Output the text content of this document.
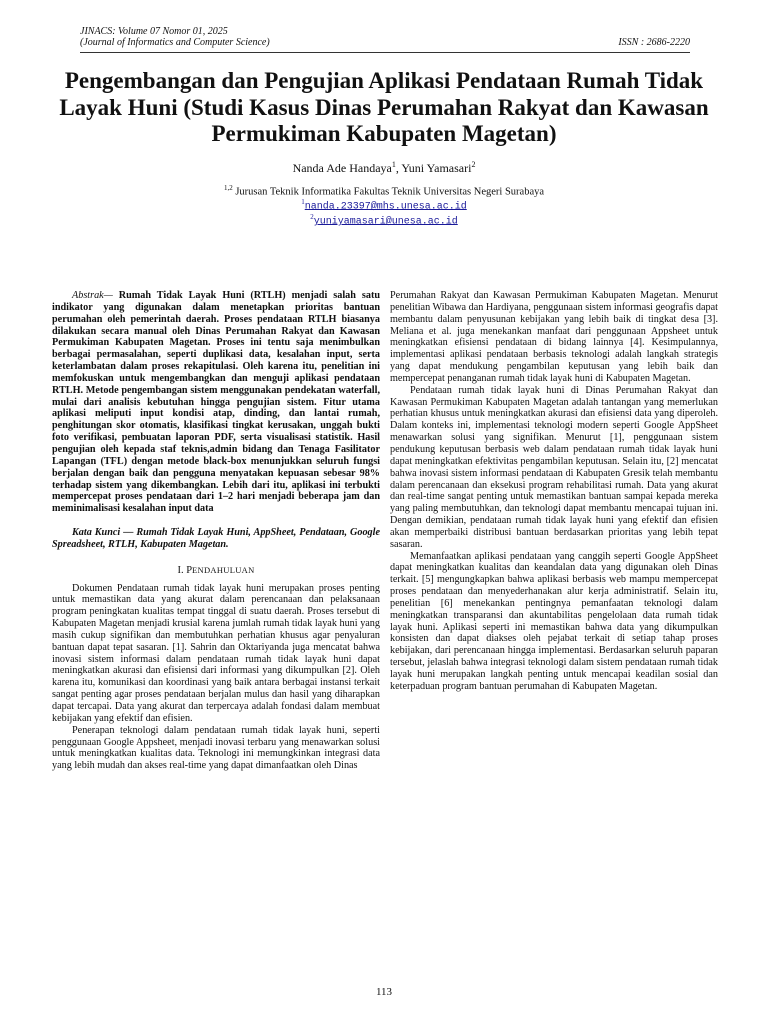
JINACS: Volume 07 Nomor 01, 2025
(Journal of Informatics and Computer Science)	ISSN : 2686-2220
Pengembangan dan Pengujian Aplikasi Pendataan Rumah Tidak Layak Huni (Studi Kasus Dinas Perumahan Rakyat dan Kawasan Permukiman Kabupaten Magetan)
Nanda Ade Handaya$^1$, Yuni Yamasari$^2$
$^{1,2}$ Jurusan Teknik Informatika Fakultas Teknik Universitas Negeri Surabaya
$^1$nanda.23397@mhs.unesa.ac.id
$^2$yuniyamasari@unesa.ac.id

Abstrak— Rumah Tidak Layak Huni (RTLH) menjadi salah satu indikator yang digunakan dalam menetapkan prioritas bantuan perumahan oleh pemerintah daerah. Proses pendataan RTLH biasanya dilakukan secara manual oleh Dinas Perumahan Rakyat dan Kawasan Permukiman Kabupaten Magetan. Proses ini tentu saja menimbulkan berbagai permasalahan, seperti duplikasi data, kesalahan input, serta keterlambatan dalam proses rekapitulasi. Oleh karena itu, penelitian ini memfokuskan untuk mengembangkan dan menguji aplikasi pendataan RTLH. Metode pengembangan sistem menggunakan pendekatan waterfall, mulai dari analisis kebutuhan hingga pengujian sistem. Fitur utama aplikasi meliputi input kondisi atap, dinding, dan lantai rumah, penghitungan skor otomatis, klasifikasi tingkat kerusakan, unggah bukti foto verifikasi, pembuatan laporan PDF, serta visualisasi statistik. Hasil pengujian oleh kepada staf teknis,admin bidang dan Tenaga Fasilitator Lapangan (TFL) dengan metode black-box menunjukkan seluruh fungsi berjalan dengan baik dan pengguna menyatakan kepuasan sebesar 98% terhadap sistem yang dikembangkan. Lebih dari itu, aplikasi ini terbukti mempercepat proses pendataan dari 1–2 hari menjadi beberapa jam dan meminimalisasi kesalahan input data

Kata Kunci — Rumah Tidak Layak Huni, AppSheet, Pendataan, Google Spreadsheet, RTLH, Kabupaten Magetan.

I. PENDAHULUAN

Dokumen Pendataan rumah tidak layak huni merupakan proses penting untuk memastikan data yang akurat dalam perencanaan dan pelaksanaan program peningkatan kualitas tempat tinggal di suatu daerah. Proses tersebut di Kabupaten Magetan menjadi krusial karena jumlah rumah tidak layak huni yang masih cukup signifikan dan membutuhkan perhatian khusus agar penyaluran bantuan dapat tepat sasaran. [1]. Sahrin dan Oktariyanda juga mencatat bahwa inovasi sistem informasi dalam pendataan rumah tidak layak huni dapat meningkatkan akurasi dan efisiensi dari informasi yang dikumpulkan [2]. Oleh karena itu, komunikasi dan koordinasi yang baik antara berbagai instansi terkait sangat penting agar proses pendataan berjalan mulus dan hasil yang diharapkan dapat tercapai. Data yang akurat dan terpercaya adalah fondasi dalam membuat kebijakan yang efektif dan efisien.

Penerapan teknologi dalam pendataan rumah tidak layak huni, seperti penggunaan Google Appsheet, menjadi inovasi terbaru yang menawarkan solusi untuk meningkatkan kualitas data. Teknologi ini memungkinkan integrasi data yang lebih mudah dan akses real-time yang dapat dimanfaatkan oleh Dinas

Perumahan Rakyat dan Kawasan Permukiman Kabupaten Magetan. Menurut penelitian Wibawa dan Hardiyana, penggunaan sistem informasi geografis dapat membantu dalam penyusunan kebijakan yang lebih baik di tingkat desa [3]. Meliana et al. juga menekankan manfaat dari penggunaan Appsheet untuk meningkatkan efisiensi pendataan di bidang lainnya [4]. Kesimpulannya, implementasi aplikasi pendataan berbasis teknologi adalah langkah strategis yang dapat mendukung pengambilan keputusan yang lebih baik dan mempercepat penanganan rumah tidak layak huni di Kabupaten Magetan.

Pendataan rumah tidak layak huni di Dinas Perumahan Rakyat dan Kawasan Permukiman Kabupaten Magetan adalah tantangan yang memerlukan perhatian khusus untuk meningkatkan akurasi dan efisiensi data yang diperoleh. Dalam konteks ini, implementasi teknologi modern seperti Google AppSheet menawarkan solusi yang signifikan. Menurut [1], penggunaan sistem pendukung keputusan berbasis web dalam pendataan rumah tidak layak huni dapat meningkatkan efektivitas pengambilan keputusan. Selain itu, [2] mencatat bahwa inovasi sistem informasi pendataan di Kabupaten Gresik telah membantu dalam perencanaan dan eksekusi program rehabilitasi rumah. Data yang akurat dan real-time sangat penting untuk memastikan bantuan sampai kepada mereka yang paling membutuhkan, dan teknologi dapat membantu mencapai tujuan ini. Dengan demikian, pendataan rumah tidak layak huni yang efektif dan efisien akan memperbaiki distribusi bantuan berdasarkan prioritas yang lebih tepat sasaran.

Memanfaatkan aplikasi pendataan yang canggih seperti Google AppSheet dapat meningkatkan kualitas dan keandalan data yang digunakan oleh Dinas terkait. [5] mengungkapkan bahwa aplikasi berbasis web mampu mempercepat proses pendataan dan menyederhanakan alur kerja administratif. Selain itu, penelitian [6] menekankan pentingnya pemanfaatan teknologi dalam meningkatkan transparansi dan akuntabilitas pengelolaan data rumah tidak layak huni. Aplikasi seperti ini memastikan bahwa data yang dikumpulkan konsisten dan dapat diakses oleh pejabat terkait di setiap tahap proses kebijakan, dari perencanaan hingga implementasi. Berdasarkan seluruh paparan tersebut, jelaslah bahwa integrasi teknologi dalam sistem pendataan rumah tidak layak huni merupakan langkah penting untuk mencapai keadilan sosial dan keterpaduan program bantuan perumahan di Kabupaten Magetan.

113
